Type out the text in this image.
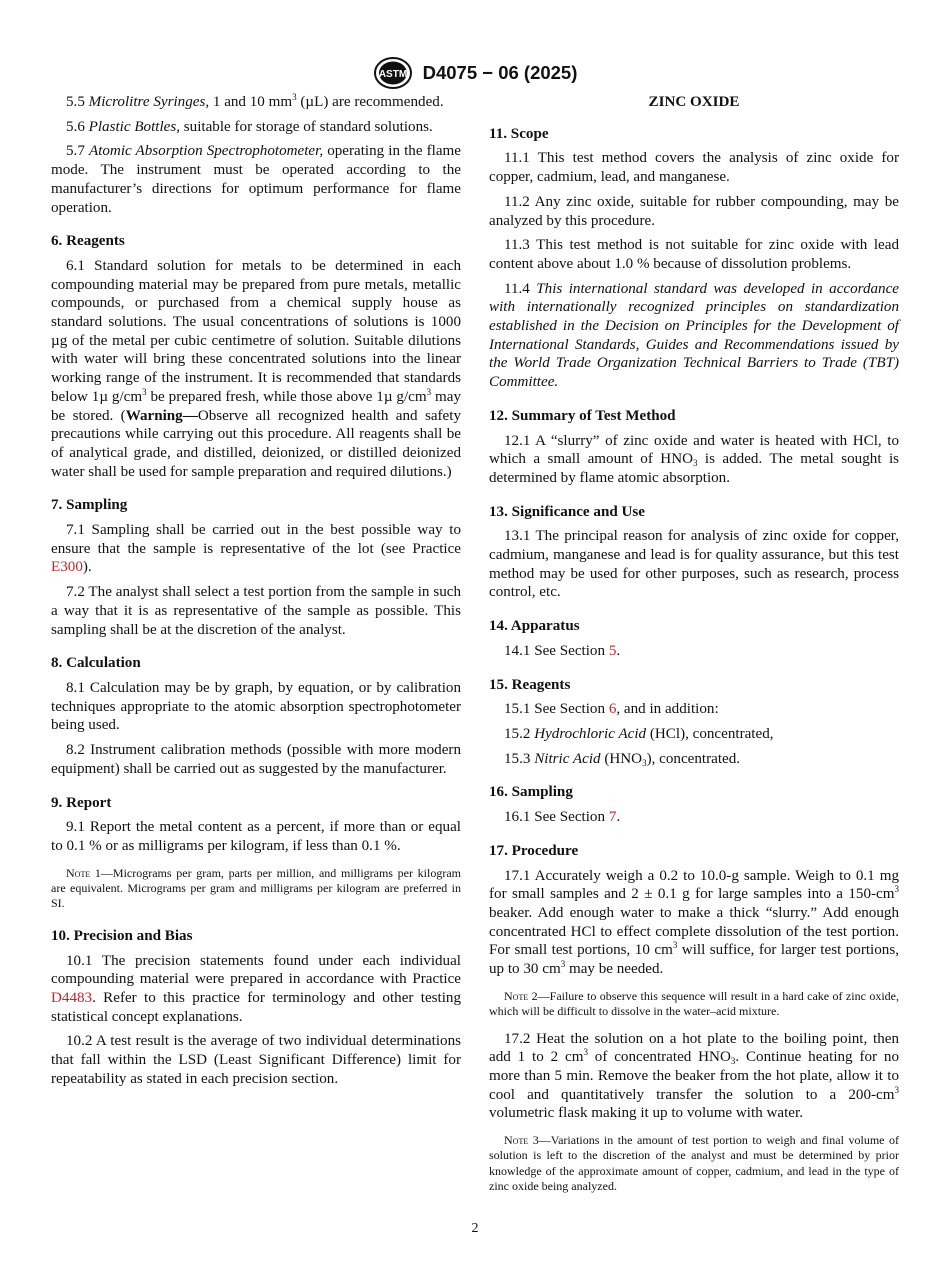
ASTM D4075 − 06 (2025)

5.5 Microlitre Syringes, 1 and 10 $mm^3$ (µL) are recommended.

5.6 Plastic Bottles, suitable for storage of standard solutions.

5.7 Atomic Absorption Spectrophotometer, operating in the flame mode. The instrument must be operated according to the manufacturer’s directions for optimum performance for flame operation.

6. Reagents

6.1 Standard solution for metals to be determined in each compounding material may be prepared from pure metals, metallic compounds, or purchased from a chemical supply house as standard solutions. The usual concentrations of solutions is 1000 µg of the metal per cubic centimetre of solution. Suitable dilutions with water will bring these concentrated solutions into the linear working range of the instrument. It is recommended that standards below 1µ $g/cm^3$ be prepared fresh, while those above 1µ $g/cm^3$ may be stored. (Warning—Observe all recognized health and safety precautions while carrying out this procedure. All reagents shall be of analytical grade, and distilled, deionized, or distilled deionized water shall be used for sample preparation and required dilutions.)

7. Sampling

7.1 Sampling shall be carried out in the best possible way to ensure that the sample is representative of the lot (see Practice E300).

7.2 The analyst shall select a test portion from the sample in such a way that it is as representative of the sample as possible. This sampling shall be at the discretion of the analyst.

8. Calculation

8.1 Calculation may be by graph, by equation, or by calibration techniques appropriate to the atomic absorption spectrophotometer being used.

8.2 Instrument calibration methods (possible with more modern equipment) shall be carried out as suggested by the manufacturer.

9. Report

9.1 Report the metal content as a percent, if more than or equal to 0.1 % or as milligrams per kilogram, if less than 0.1 %.

Note 1—Micrograms per gram, parts per million, and milligrams per kilogram are equivalent. Micrograms per gram and milligrams per kilogram are preferred in SI.
10. Precision and Bias

10.1 The precision statements found under each individual compounding material were prepared in accordance with Practice D4483. Refer to this practice for terminology and other testing statistical concept explanations.

10.2 A test result is the average of two individual determinations that fall within the LSD (Least Significant Difference) limit for repeatability as stated in each precision section.

ZINC OXIDE
11. Scope

11.1 This test method covers the analysis of zinc oxide for copper, cadmium, lead, and manganese.

11.2 Any zinc oxide, suitable for rubber compounding, may be analyzed by this procedure.

11.3 This test method is not suitable for zinc oxide with lead content above about 1.0 % because of dissolution problems.

11.4 This international standard was developed in accordance with internationally recognized principles on standardization established in the Decision on Principles for the Development of International Standards, Guides and Recommendations issued by the World Trade Organization Technical Barriers to Trade (TBT) Committee.

12. Summary of Test Method

12.1 A “slurry” of zinc oxide and water is heated with HCl, to which a small amount of $HNO_3$ is added. The metal sought is determined by flame atomic absorption.

13. Significance and Use

13.1 The principal reason for analysis of zinc oxide for copper, cadmium, manganese and lead is for quality assurance, but this test method may be used for other purposes, such as research, process control, etc.

14. Apparatus

14.1 See Section 5.

15. Reagents

15.1 See Section 6, and in addition:

15.2 Hydrochloric Acid (HCl), concentrated,

15.3 Nitric Acid $(HNO_3)$, concentrated.

16. Sampling

16.1 See Section 7.

17. Procedure

17.1 Accurately weigh a 0.2 to 10.0-g sample. Weigh to 0.1 mg for small samples and 2 ± 0.1 g for large samples into a $150-cm^3$ beaker. Add enough water to make a thick “slurry.” Add enough concentrated HCl to effect complete dissolution of the test portion. For small test portions, 10 $cm^3$ will suffice, for larger test portions, up to 30 $cm^3$ may be needed.

Note 2—Failure to observe this sequence will result in a hard cake of zinc oxide, which will be difficult to dissolve in the water–acid mixture.

17.2 Heat the solution on a hot plate to the boiling point, then add 1 to 2 $cm^3$ of concentrated $HNO_3$. Continue heating for no more than 5 min. Remove the beaker from the hot plate, allow it to cool and quantitatively transfer the solution to a $200-cm^3$ volumetric flask making it up to volume with water.

Note 3—Variations in the amount of test portion to weigh and final volume of solution is left to the discretion of the analyst and must be determined by prior knowledge of the approximate amount of copper, cadmium, and lead in the type of zinc oxide being analyzed.
2
